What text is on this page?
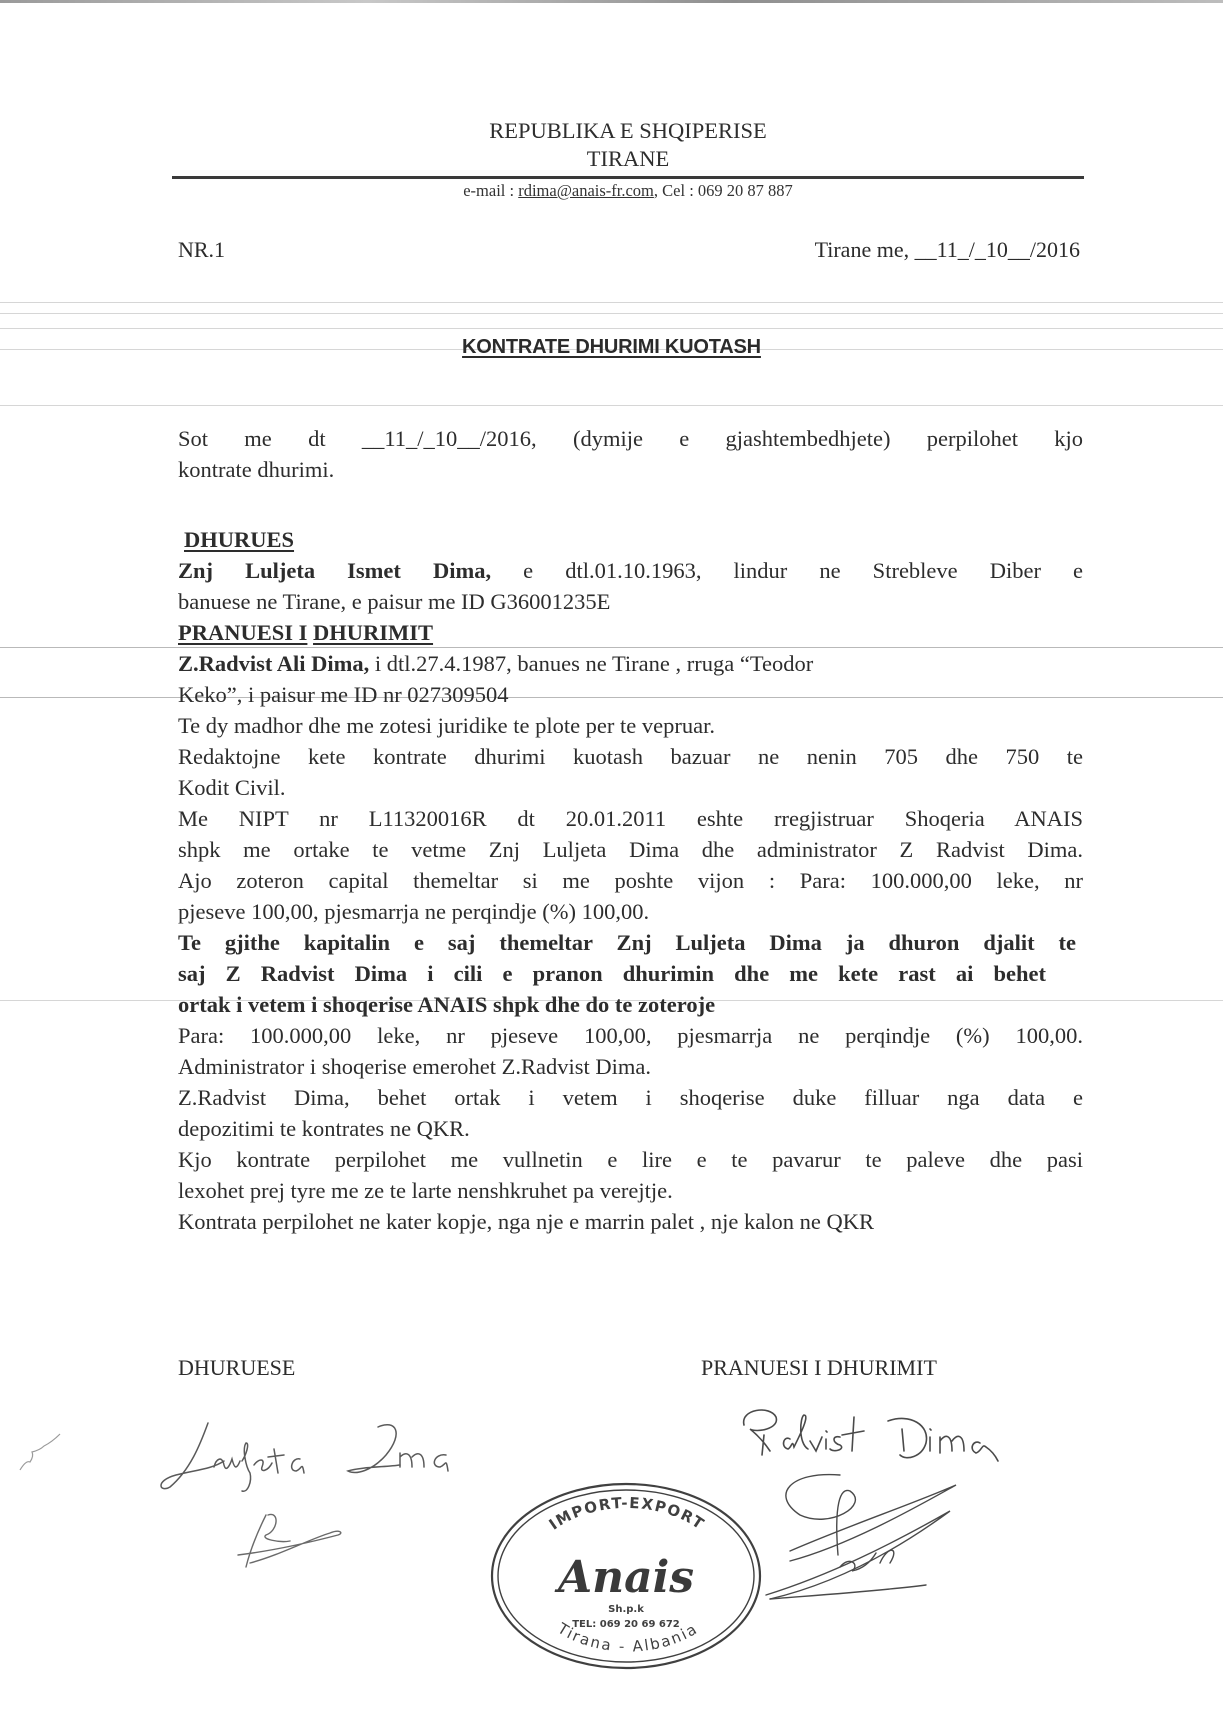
REPUBLIKA E SHQIPERISE
TIRANE
e-mail : rdima@anais-fr.com, Cel : 069 20 87 887
NR.1	Tirane me, __11_/_10__/2016
KONTRATE DHURIMI KUOTASH
Sot me dt __11_/_10__/2016, (dymije e gjashtembedhjete) perpilohet kjo
kontrate dhurimi.
DHURUES
Znj Luljeta Ismet Dima, e dtl.01.10.1963, lindur ne Strebleve Diber e
banuese ne Tirane, e paisur me ID G36001235E
PRANUESI I DHURIMIT
Z.Radvist Ali Dima, i dtl.27.4.1987, banues ne Tirane , rruga “Teodor
Keko”, i paisur me ID nr 027309504
Te dy madhor dhe me zotesi juridike te plote per te vepruar.
Redaktojne kete kontrate dhurimi kuotash bazuar ne nenin 705 dhe 750 te
Kodit Civil.
Me NIPT nr L11320016R dt 20.01.2011 eshte rregjistruar Shoqeria ANAIS
shpk me ortake te vetme Znj Luljeta Dima dhe administrator Z Radvist Dima.
Ajo zoteron capital themeltar si me poshte vijon : Para: 100.000,00 leke, nr
pjeseve 100,00, pjesmarrja ne perqindje (%) 100,00.
Te gjithe kapitalin e saj themeltar Znj Luljeta Dima ja dhuron djalit te
saj Z Radvist Dima i cili e pranon dhurimin dhe me kete rast ai behet
ortak i vetem i shoqerise ANAIS shpk dhe do te zoteroje
Para: 100.000,00 leke, nr pjeseve 100,00, pjesmarrja ne perqindje (%) 100,00.
Administrator i shoqerise emerohet Z.Radvist Dima.
Z.Radvist Dima, behet ortak i vetem i shoqerise duke filluar nga data e
depozitimi te kontrates ne QKR.
Kjo kontrate perpilohet me vullnetin e lire e te pavarur te paleve dhe pasi
lexohet prej tyre me ze te larte nenshkruhet pa verejtje.
Kontrata perpilohet ne kater kopje, nga nje e marrin palet , nje kalon ne QKR
DHURUESE	PRANUESI I DHURIMIT
IMPORT-EXPORT
Anais
Sh.p.k
TEL: 069 20 69 672
Tirana - Albania
